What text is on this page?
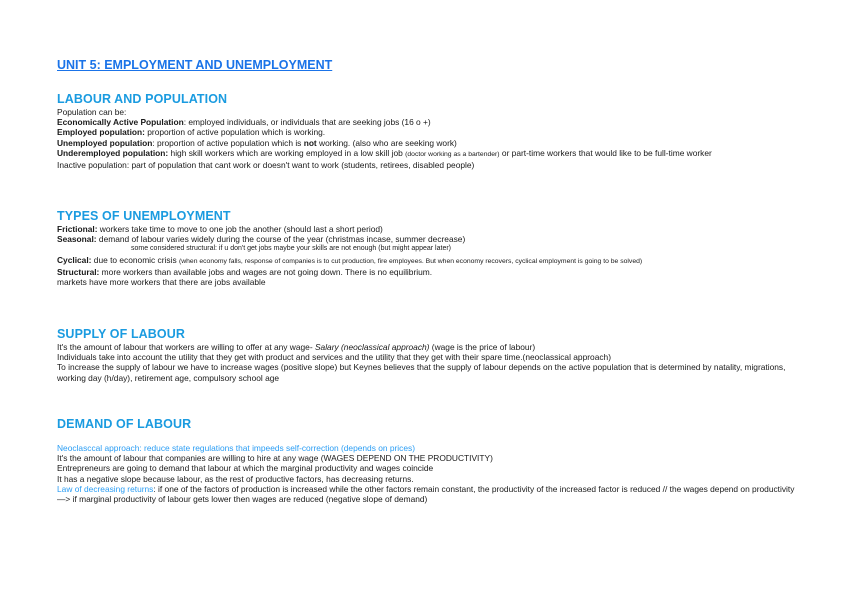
UNIT 5: EMPLOYMENT AND UNEMPLOYMENT
LABOUR AND POPULATION

Population can be:

Economically Active Population: employed individuals, or individuals that are seeking jobs (16 o +)

Employed population: proportion of active population which is working.

Unemployed population: proportion of active population which is not working. (also who are seeking work)

Underemployed population: high skill workers which are working employed in a low skill job (doctor working as a bartender) or part-time workers that would like to be full-time worker

Inactive population: part of population that cant work or doesn't want to work (students, retirees, disabled people)

TYPES OF UNEMPLOYMENT

Frictional: workers take time to move to one job the another (should last a short period)

Seasonal: demand of labour varies widely during the course of the year (christmas incase, summer decrease)

some considered structural: if u don't get jobs maybe your skills are not enough (but might appear later)

Cyclical: due to economic crisis (when economy falls, response of companies is to cut production, fire employees. But when economy recovers, cyclical employment is going to be solved)

Structural: more workers than available jobs and wages are not going down. There is no equilibrium.

markets have more workers that there are jobs available

SUPPLY OF LABOUR

It's the amount of labour that workers are willing to offer at any wage- Salary (neoclassical approach) (wage is the price of labour)

Individuals take into account the utility that they get with product and services and the utility that they get with their spare time.(neoclassical approach)

To increase the supply of labour we have to increase wages (positive slope) but Keynes believes that the supply of labour depends on the active population that is determined by natality, migrations, working day (h/day), retirement age, compulsory school age

DEMAND OF LABOUR

Neoclasccal approach: reduce state regulations that impeeds self-correction (depends on prices)

It's the amount of labour that companies are willing to hire at any wage (WAGES DEPEND ON THE PRODUCTIVITY)

Entrepreneurs are going to demand that labour at which the marginal productivity and wages coincide

It has a negative slope because labour, as the rest of productive factors, has decreasing returns.

Law of decreasing returns: if one of the factors of production is increased while the other factors remain constant, the productivity of the increased factor is reduced // the wages depend on productivity

—> if marginal productivity of labour gets lower then wages are reduced (negative slope of demand)
